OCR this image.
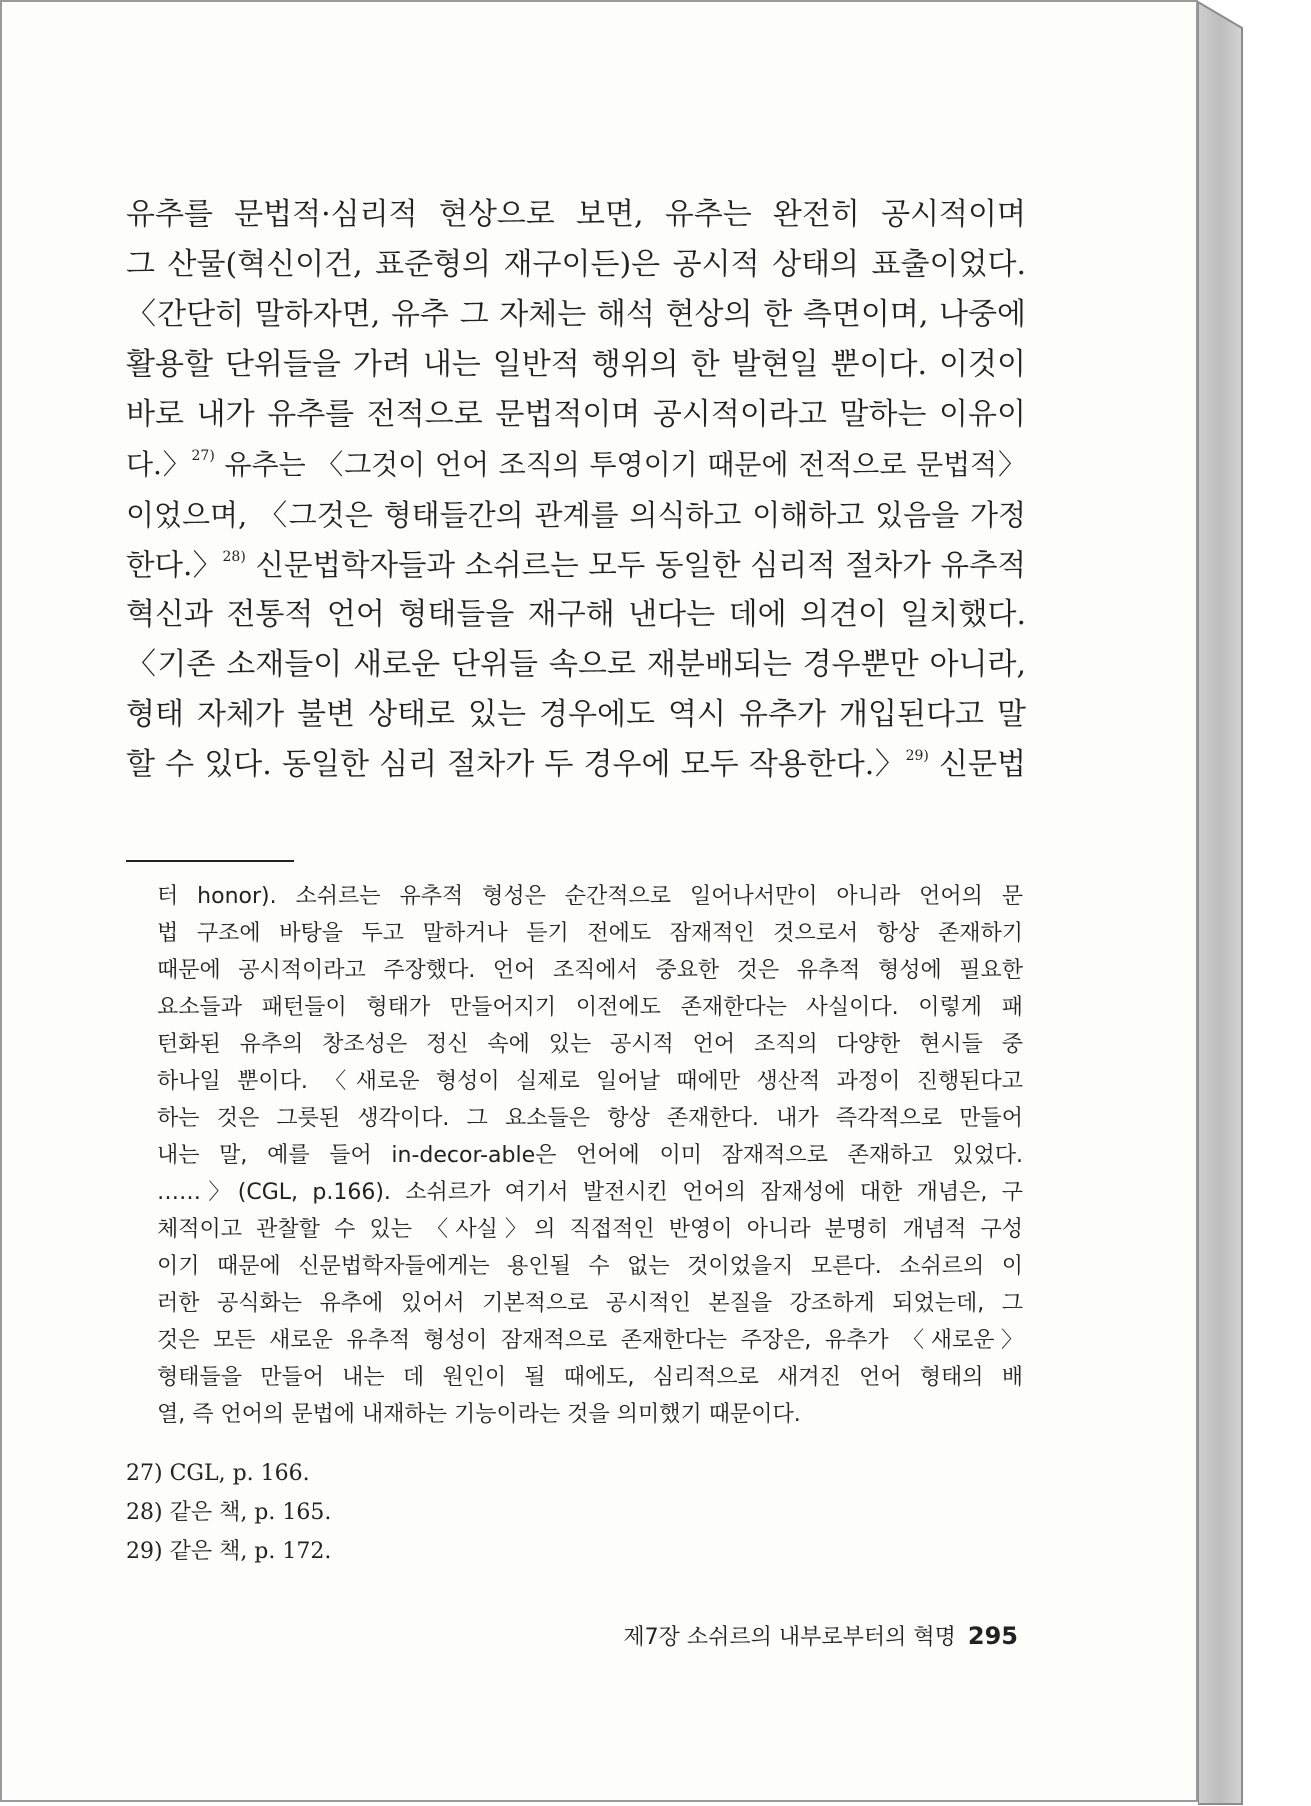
유추를 문법적·심리적 현상으로 보면, 유추는 완전히 공시적이며
그 산물(혁신이건, 표준형의 재구이든)은 공시적 상태의 표출이었다.
〈간단히 말하자면, 유추 그 자체는 해석 현상의 한 측면이며, 나중에
활용할 단위들을 가려 내는 일반적 행위의 한 발현일 뿐이다. 이것이
바로 내가 유추를 전적으로 문법적이며 공시적이라고 말하는 이유이
다.〉$^{27)}$ 유추는 〈그것이 언어 조직의 투영이기 때문에 전적으로 문법적〉
이었으며, 〈그것은 형태들간의 관계를 의식하고 이해하고 있음을 가정
한다.〉$^{28)}$ 신문법학자들과 소쉬르는 모두 동일한 심리적 절차가 유추적
혁신과 전통적 언어 형태들을 재구해 낸다는 데에 의견이 일치했다.
〈기존 소재들이 새로운 단위들 속으로 재분배되는 경우뿐만 아니라,
형태 자체가 불변 상태로 있는 경우에도 역시 유추가 개입된다고 말
할 수 있다. 동일한 심리 절차가 두 경우에 모두 작용한다.〉$^{29)}$ 신문법
터 honor). 소쉬르는 유추적 형성은 순간적으로 일어나서만이 아니라 언어의 문
법 구조에 바탕을 두고 말하거나 듣기 전에도 잠재적인 것으로서 항상 존재하기
때문에 공시적이라고 주장했다. 언어 조직에서 중요한 것은 유추적 형성에 필요한
요소들과 패턴들이 형태가 만들어지기 이전에도 존재한다는 사실이다. 이렇게 패
턴화된 유추의 창조성은 정신 속에 있는 공시적 언어 조직의 다양한 현시들 중
하나일 뿐이다. 〈새로운 형성이 실제로 일어날 때에만 생산적 과정이 진행된다고
하는 것은 그릇된 생각이다. 그 요소들은 항상 존재한다. 내가 즉각적으로 만들어
내는 말, 예를 들어 in-decor-able은 언어에 이미 잠재적으로 존재하고 있었다.
……〉(CGL, p.166). 소쉬르가 여기서 발전시킨 언어의 잠재성에 대한 개념은, 구
체적이고 관찰할 수 있는 〈사실〉의 직접적인 반영이 아니라 분명히 개념적 구성
이기 때문에 신문법학자들에게는 용인될 수 없는 것이었을지 모른다. 소쉬르의 이
러한 공식화는 유추에 있어서 기본적으로 공시적인 본질을 강조하게 되었는데, 그
것은 모든 새로운 유추적 형성이 잠재적으로 존재한다는 주장은, 유추가 〈새로운〉
형태들을 만들어 내는 데 원인이 될 때에도, 심리적으로 새겨진 언어 형태의 배
열, 즉 언어의 문법에 내재하는 기능이라는 것을 의미했기 때문이다.
27) CGL, p. 166.
28) 같은 책, p. 165.
29) 같은 책, p. 172.
제7장 소쉬르의 내부로부터의 혁명 295
